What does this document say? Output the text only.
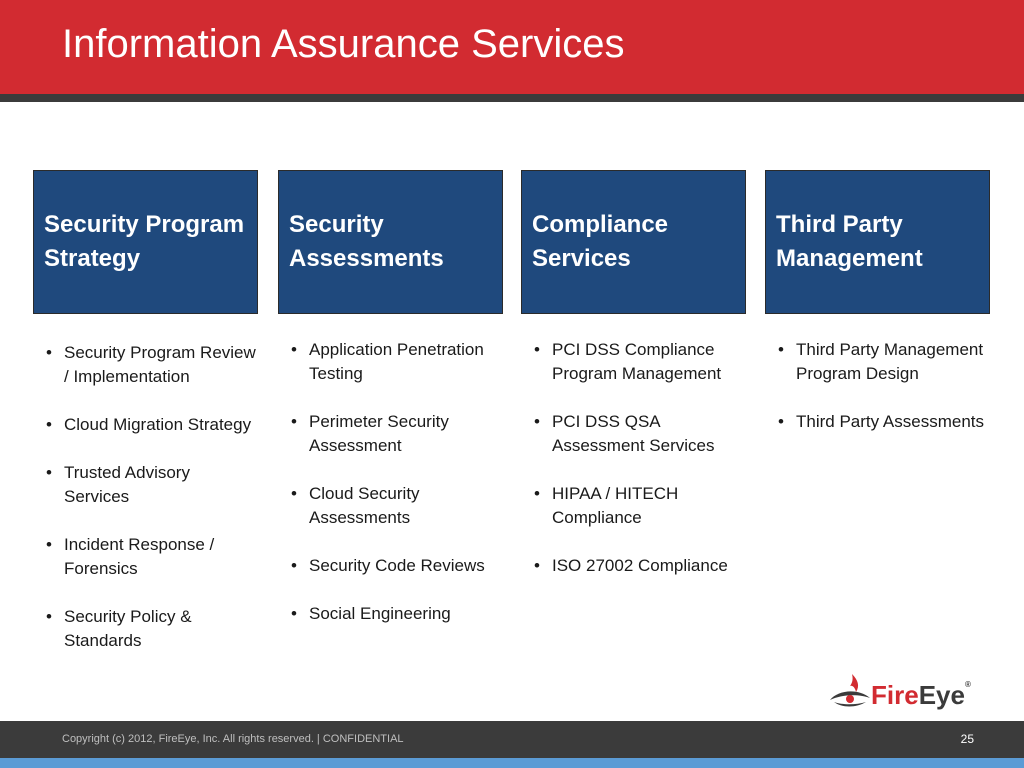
Information Assurance Services
Security Program Strategy
Security Assessments
Compliance Services
Third Party Management
• Security Program Review / Implementation
• Cloud Migration Strategy
• Trusted Advisory Services
• Incident Response / Forensics
• Security Policy & Standards
• Application Penetration Testing
• Perimeter Security Assessment
• Cloud Security Assessments
• Security Code Reviews
• Social Engineering
• PCI DSS Compliance Program Management
• PCI DSS QSA Assessment Services
• HIPAA / HITECH Compliance
• ISO 27002 Compliance
• Third Party Management Program Design
• Third Party Assessments
FireEye®
Copyright (c) 2012, FireEye, Inc. All rights reserved. | CONFIDENTIAL	25
